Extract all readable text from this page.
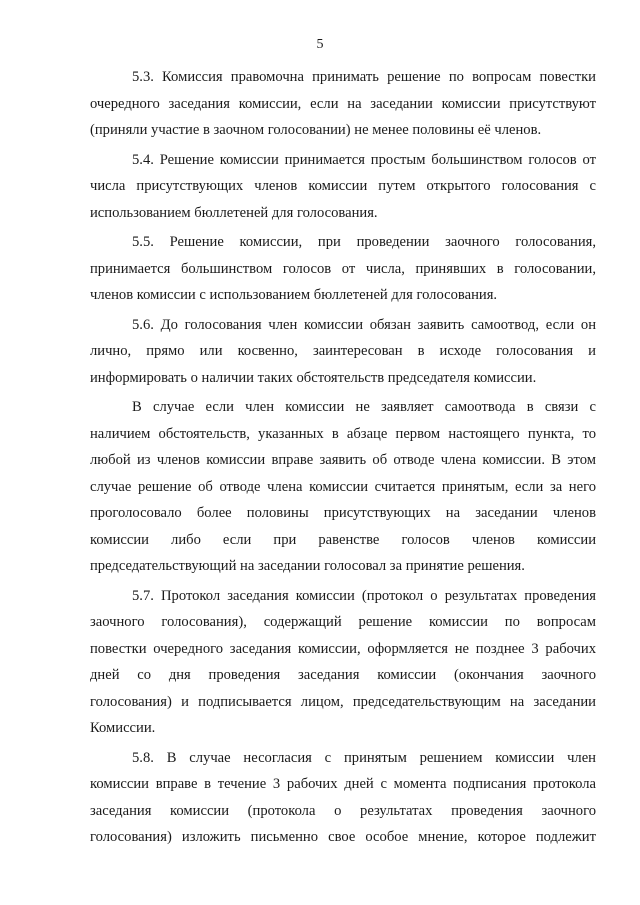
5
5.3. Комиссия правомочна принимать решение по вопросам повестки
очередного заседания комиссии, если на заседании комиссии присутствуют
(приняли участие в заочном голосовании) не менее половины её членов.
5.4. Решение комиссии принимается простым большинством голосов от
числа присутствующих членов комиссии путем открытого голосования с
использованием бюллетеней для голосования.
5.5. Решение комиссии, при проведении заочного голосования,
принимается большинством голосов от числа, принявших в голосовании,
членов комиссии с использованием бюллетеней для голосования.
5.6. До голосования член комиссии обязан заявить самоотвод, если он
лично, прямо или косвенно, заинтересован в исходе голосования и
информировать о наличии таких обстоятельств председателя комиссии.
В случае если член комиссии не заявляет самоотвода в связи с
наличием обстоятельств, указанных в абзаце первом настоящего пункта, то
любой из членов комиссии вправе заявить об отводе члена комиссии. В этом
случае решение об отводе члена комиссии считается принятым, если за него
проголосовало более половины присутствующих на заседании членов
комиссии либо если при равенстве голосов членов комиссии
председательствующий на заседании голосовал за принятие решения.
5.7. Протокол заседания комиссии (протокол о результатах проведения
заочного голосования), содержащий решение комиссии по вопросам
повестки очередного заседания комиссии, оформляется не позднее 3 рабочих
дней со дня проведения заседания комиссии (окончания заочного
голосования) и подписывается лицом, председательствующим на заседании
Комиссии.
5.8. В случае несогласия с принятым решением комиссии член
комиссии вправе в течение 3 рабочих дней с момента подписания протокола
заседания комиссии (протокола о результатах проведения заочного
голосования) изложить письменно свое особое мнение, которое подлежит
